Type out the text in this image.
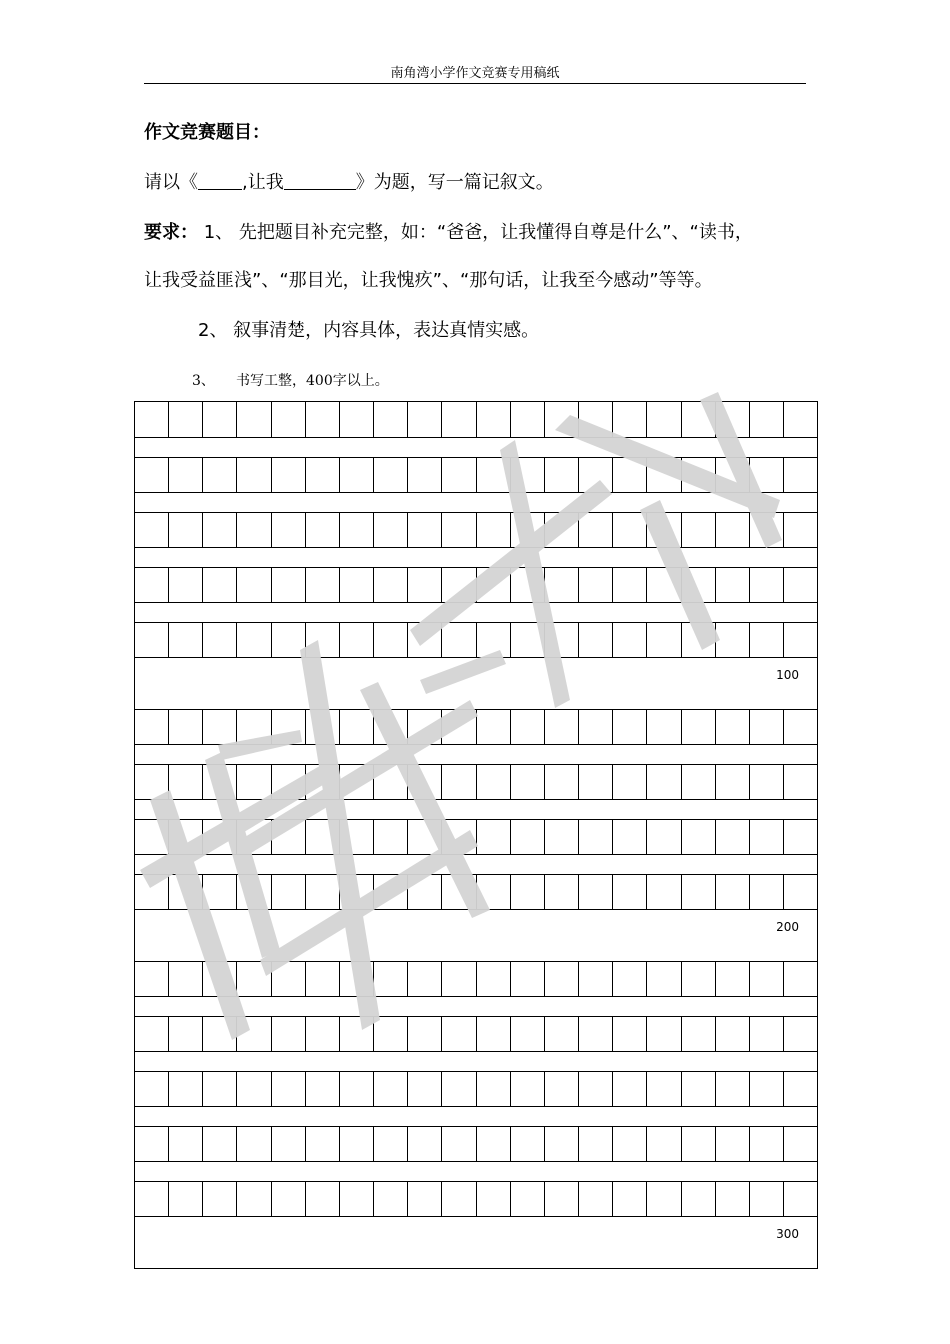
南角湾小学作文竞赛专用稿纸
作文竞赛题目：
请以《 ,让我	》为题，写一篇记叙文。
要求： 1、 先把题目补充完整，如：“爸爸，让我懂得自尊是什么”、“读书，
让我受益匪浅”、“那目光，让我愧疚”、“那句话，让我至今感动”等等。
2、 叙事清楚，内容具体，表达真情实感。
3、 书写工整，400字以上。
100
200
300
